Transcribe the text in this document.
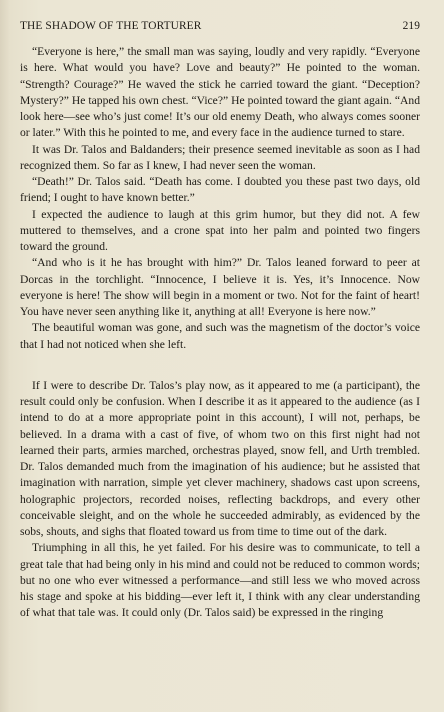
THE SHADOW OF THE TORTURER	219

“Everyone is here,” the small man was saying, loudly and very rapidly. “Everyone is here. What would you have? Love and beauty?” He pointed to the woman. “Strength? Courage?” He waved the stick he carried toward the giant. “Deception? Mystery?” He tapped his own chest. “Vice?” He pointed toward the giant again. “And look here—see who’s just come! It’s our old enemy Death, who always comes sooner or later.” With this he pointed to me, and every face in the audience turned to stare.

It was Dr. Talos and Baldanders; their presence seemed inevitable as soon as I had recognized them. So far as I knew, I had never seen the woman.

“Death!” Dr. Talos said. “Death has come. I doubted you these past two days, old friend; I ought to have known better.”

I expected the audience to laugh at this grim humor, but they did not. A few muttered to themselves, and a crone spat into her palm and pointed two fingers toward the ground.

“And who is it he has brought with him?” Dr. Talos leaned forward to peer at Dorcas in the torchlight. “Innocence, I believe it is. Yes, it’s Innocence. Now everyone is here! The show will begin in a moment or two. Not for the faint of heart! You have never seen anything like it, anything at all! Everyone is here now.”

The beautiful woman was gone, and such was the magnetism of the doctor’s voice that I had not noticed when she left.

If I were to describe Dr. Talos’s play now, as it appeared to me (a participant), the result could only be confusion. When I describe it as it appeared to the audience (as I intend to do at a more appropriate point in this account), I will not, perhaps, be believed. In a drama with a cast of five, of whom two on this first night had not learned their parts, armies marched, orchestras played, snow fell, and Urth trembled. Dr. Talos demanded much from the imagination of his audience; but he assisted that imagination with narration, simple yet clever machinery, shadows cast upon screens, holographic projectors, recorded noises, reflecting backdrops, and every other conceivable sleight, and on the whole he succeeded admirably, as evidenced by the sobs, shouts, and sighs that floated toward us from time to time out of the dark.

Triumphing in all this, he yet failed. For his desire was to communicate, to tell a great tale that had being only in his mind and could not be reduced to common words; but no one who ever witnessed a performance—and still less we who moved across his stage and spoke at his bidding—ever left it, I think with any clear understanding of what that tale was. It could only (Dr. Talos said) be expressed in the ringing
